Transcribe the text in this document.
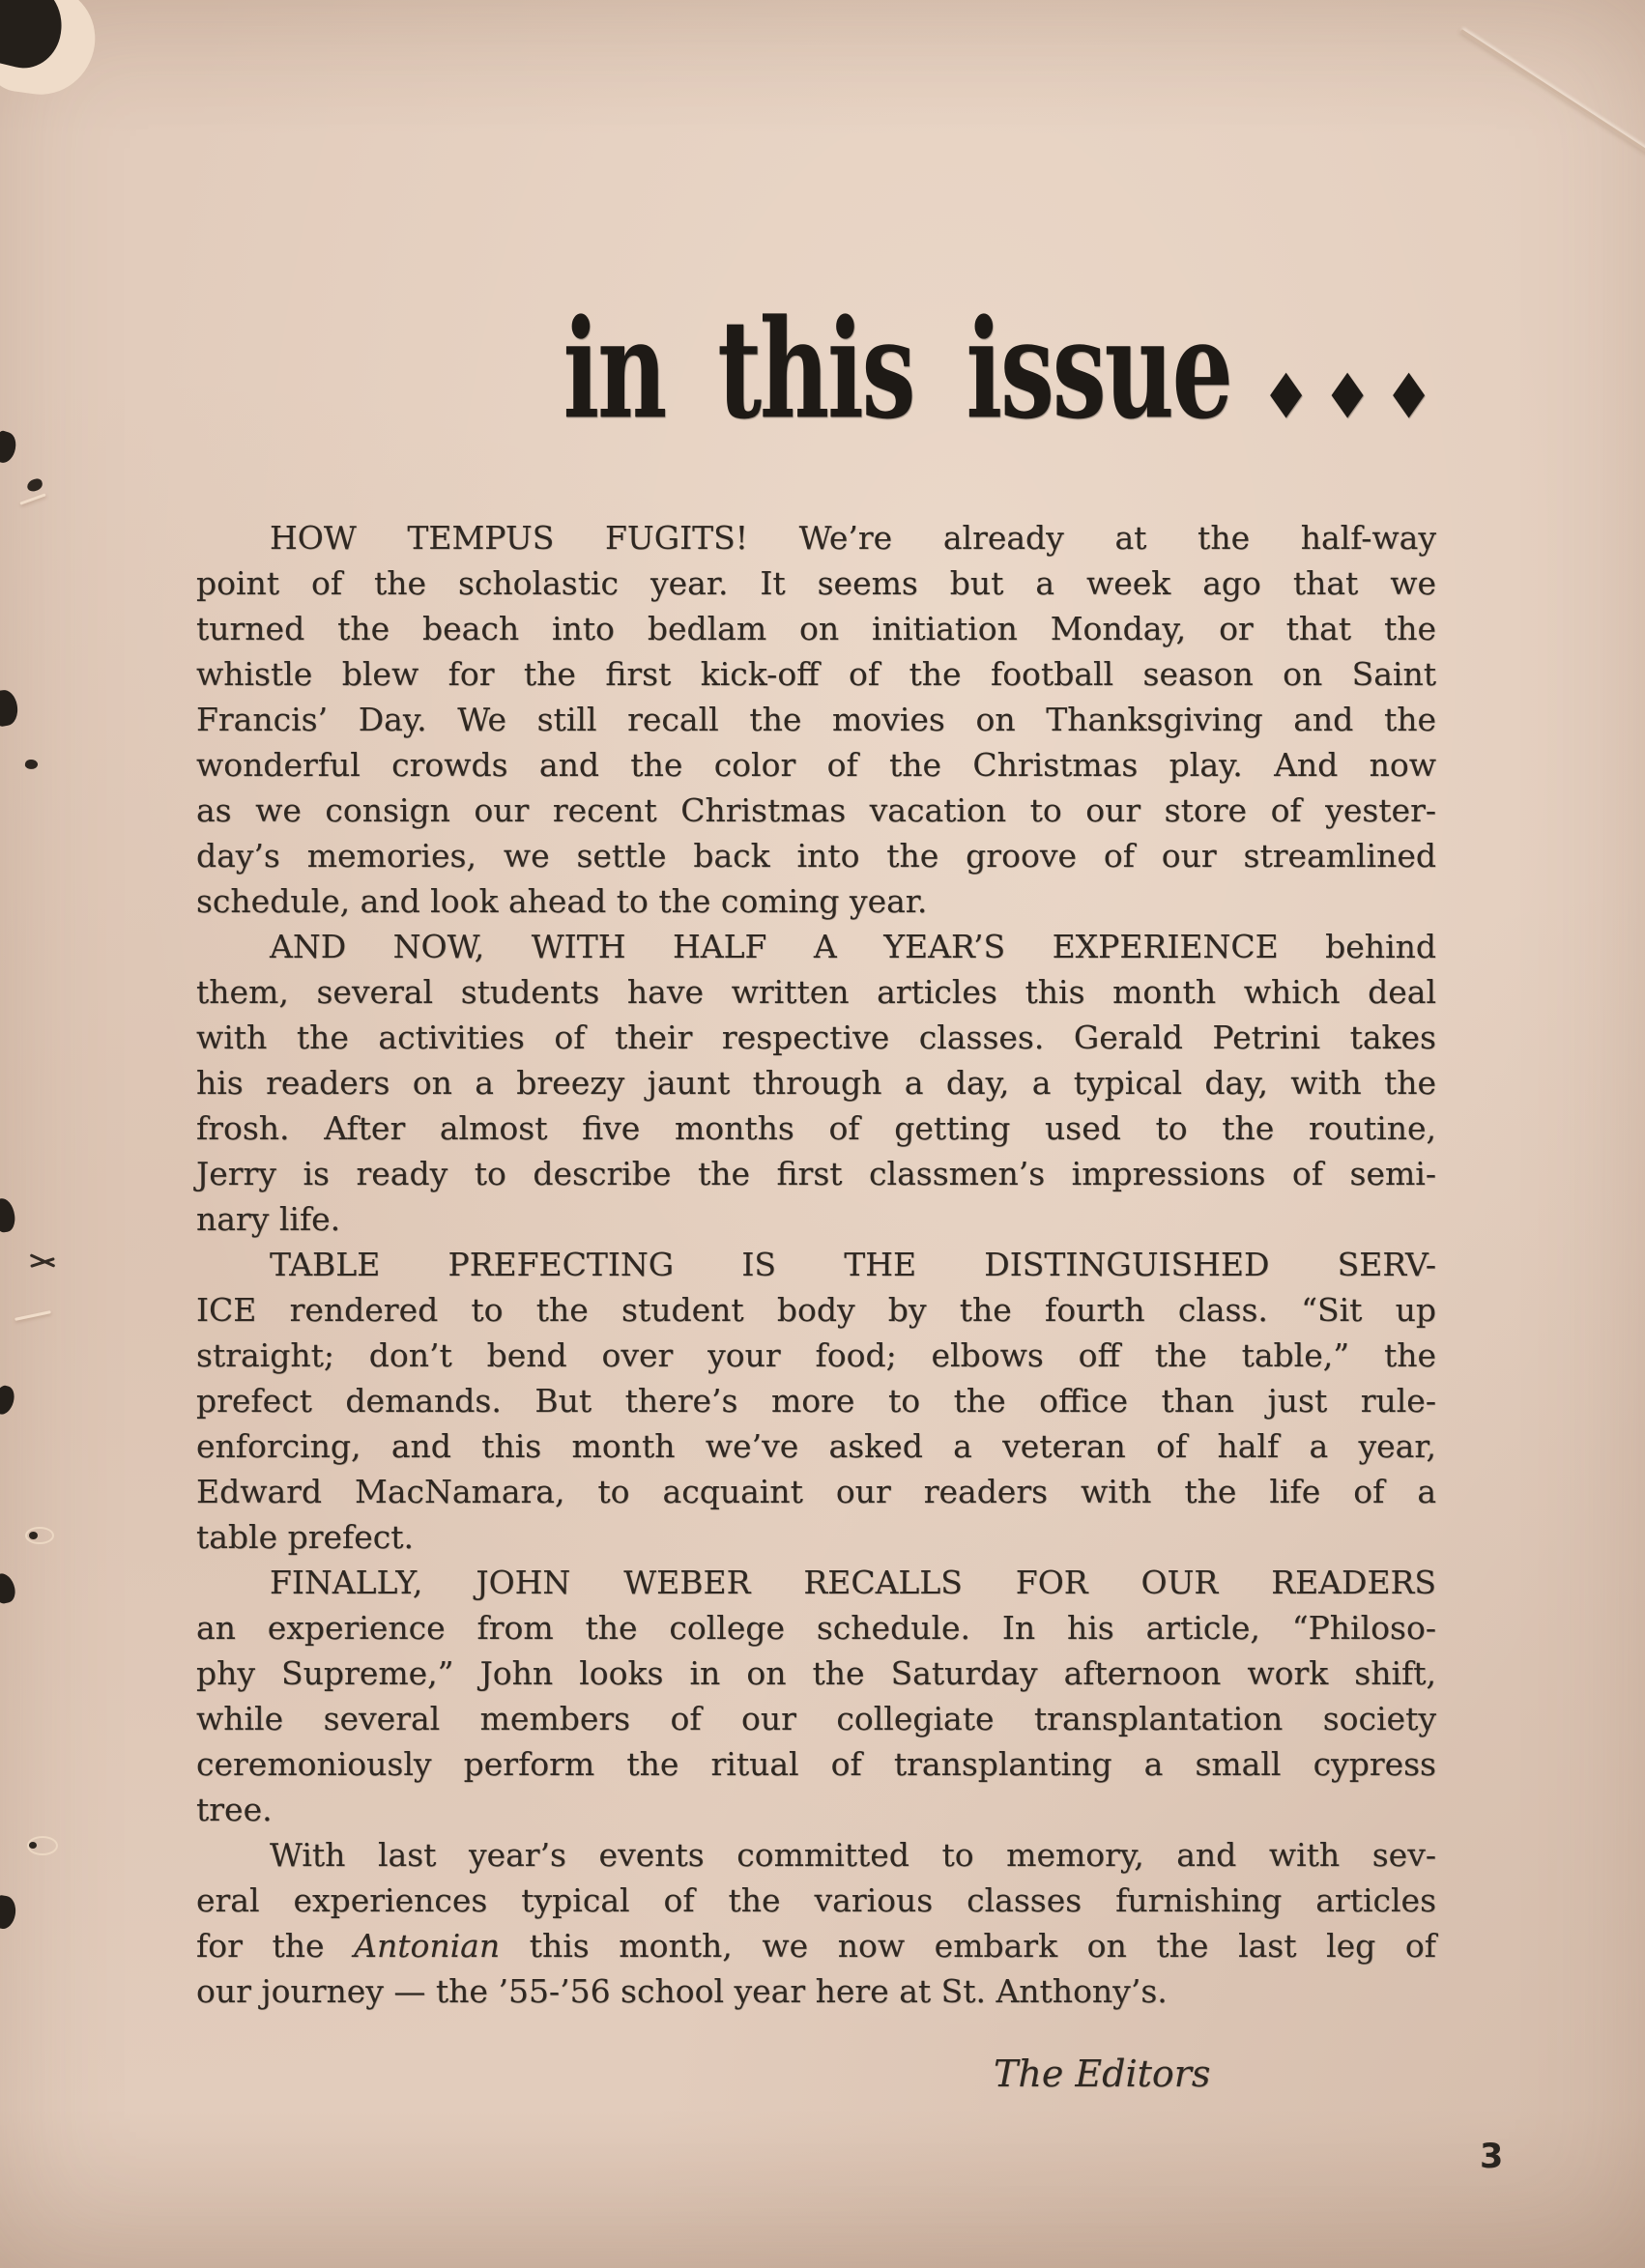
in this issue ◆◆◆
HOW TEMPUS FUGITS! We’re already at the half-way
point of the scholastic year. It seems but a week ago that we
turned the beach into bedlam on initiation Monday, or that the
whistle blew for the first kick-off of the football season on Saint
Francis’ Day. We still recall the movies on Thanksgiving and the
wonderful crowds and the color of the Christmas play. And now
as we consign our recent Christmas vacation to our store of yester-
day’s memories, we settle back into the groove of our streamlined
schedule, and look ahead to the coming year.
AND NOW, WITH HALF A YEAR’S EXPERIENCE behind
them, several students have written articles this month which deal
with the activities of their respective classes. Gerald Petrini takes
his readers on a breezy jaunt through a day, a typical day, with the
frosh. After almost five months of getting used to the routine,
Jerry is ready to describe the first classmen’s impressions of semi-
nary life.
TABLE PREFECTING IS THE DISTINGUISHED SERV-
ICE rendered to the student body by the fourth class. “Sit up
straight; don’t bend over your food; elbows off the table,” the
prefect demands. But there’s more to the office than just rule-
enforcing, and this month we’ve asked a veteran of half a year,
Edward MacNamara, to acquaint our readers with the life of a
table prefect.
FINALLY, JOHN WEBER RECALLS FOR OUR READERS
an experience from the college schedule. In his article, “Philoso-
phy Supreme,” John looks in on the Saturday afternoon work shift,
while several members of our collegiate transplantation society
ceremoniously perform the ritual of transplanting a small cypress
tree.
With last year’s events committed to memory, and with sev-
eral experiences typical of the various classes furnishing articles
for the Antonian this month, we now embark on the last leg of
our journey — the ’55-’56 school year here at St. Anthony’s.
The Editors
3
